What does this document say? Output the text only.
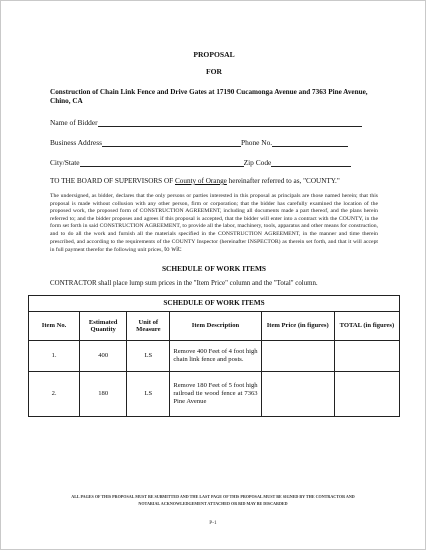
PROPOSAL
FOR
Construction of Chain Link Fence and Drive Gates at 17190 Cucamonga Avenue and 7363 Pine Avenue, Chino, CA
Name of Bidder
Business Address	Phone No.
City/State	Zip Code
TO THE BOARD OF SUPERVISORS OF County of Orange hereinafter referred to as, "COUNTY."
The undersigned, as bidder, declares that the only persons or parties interested in this proposal as principals are those named herein; that this proposal is made without collusion with any other person, firm or corporation; that the bidder has carefully examined the location of the proposed work, the proposed form of CONSTRUCTION AGREEMENT, including all documents made a part thereof, and the plans herein referred to; and the bidder proposes and agrees if this proposal is accepted, that the bidder will enter into a contract with the COUNTY, in the form set forth in said CONSTRUCTION AGREEMENT, to provide all the labor, machinery, tools, apparatus and other means for construction, and to do all the work and furnish all the materials specified in the CONSTRUCTION AGREEMENT, in the manner and time therein prescribed, and according to the requirements of the COUNTY Inspector (hereinafter INSPECTOR) as therein set forth, and that it will accept in full payment therefor the following unit prices, to wit:
SCHEDULE OF WORK ITEMS
CONTRACTOR shall place lump sum prices in the "Item Price" column and the "Total" column.
SCHEDULE OF WORK ITEMS					
Item No.	Estimated Quantity	Unit of Measure	Item Description	Item Price (in figures)	TOTAL (in figures)
1.	400	LS	Remove 400 Feet of 4 foot high chain link fence and posts.		
2.	180	LS	Remove 180 Feet of 5 foot high railroad tie wood fence at 7363 Pine Avenue		
ALL PAGES OF THIS PROPOSAL MUST BE SUBMITTED AND THE LAST PAGE OF THIS PROPOSAL MUST BE SIGNED BY THE CONTRACTOR AND NOTARIAL ACKNOWLEDGEMENT ATTACHED OR BID MAY BE DISCARDED
P-1
